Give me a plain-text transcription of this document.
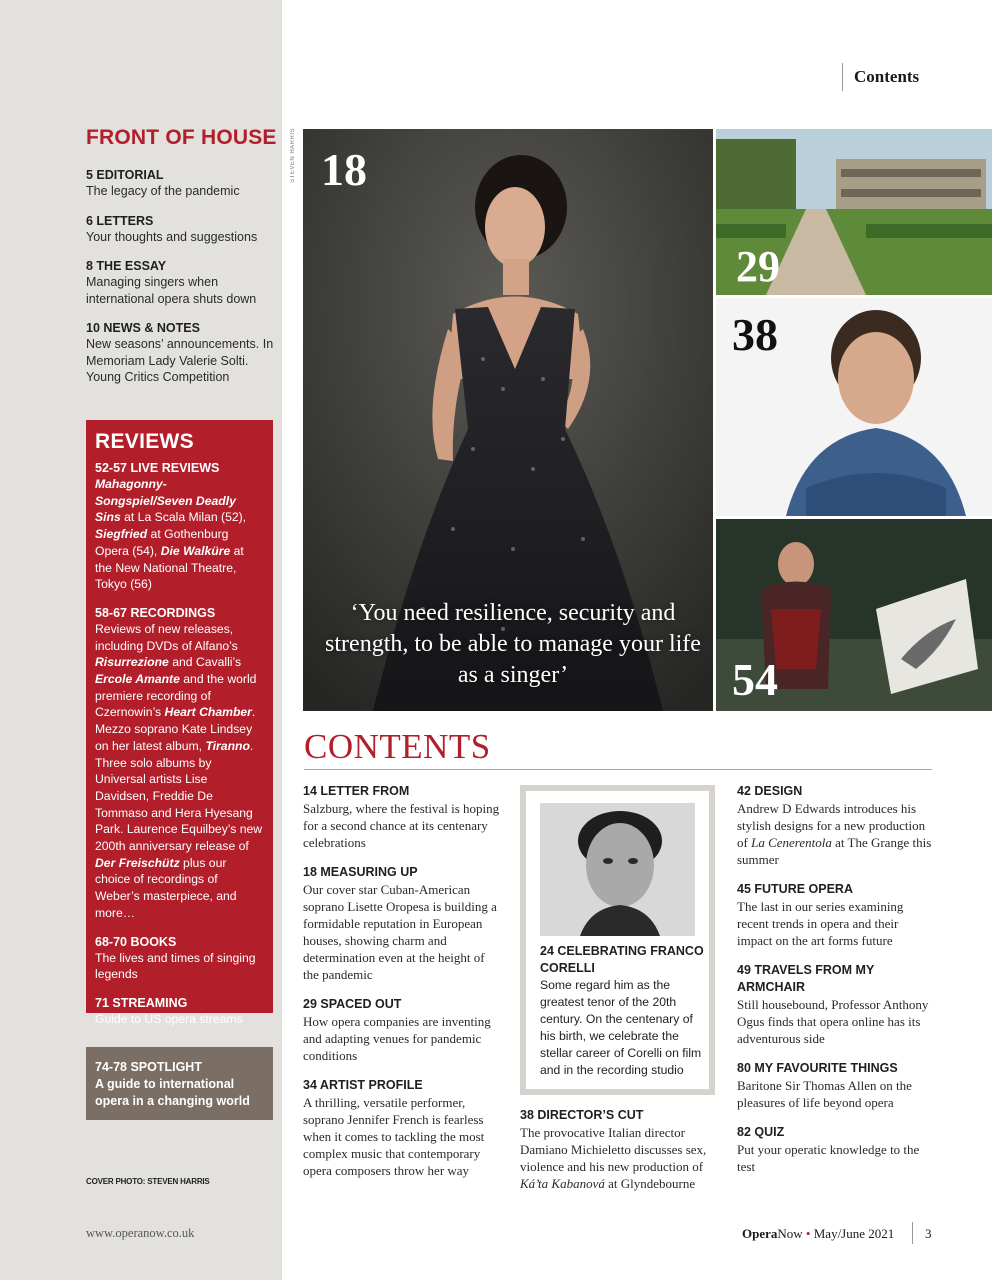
FRONT OF HOUSE
5 EDITORIAL
The legacy of the pandemic
6 LETTERS
Your thoughts and suggestions
8 THE ESSAY
Managing singers when international opera shuts down
10 NEWS & NOTES
New seasons’ announcements. In Memoriam Lady Valerie Solti. Young Critics Competition
REVIEWS
52-57 LIVE REVIEWS
Mahagonny-Songspiel/Seven Deadly Sins at La Scala Milan (52), Siegfried at Gothenburg Opera (54), Die Walküre at the New National Theatre, Tokyo (56)
58-67 RECORDINGS
Reviews of new releases, including DVDs of Alfano’s Risurrezione and Cavalli’s Ercole Amante and the world premiere recording of Czernowin’s Heart Chamber. Mezzo soprano Kate Lindsey on her latest album, Tiranno. Three solo albums by Universal artists Lise Davidsen, Freddie De Tommaso and Hera Hyesang Park. Laurence Equilbey’s new 200th anniversary release of Der Freischütz plus our choice of recordings of Weber’s masterpiece, and more…
68-70 BOOKS
The lives and times of singing legends
71 STREAMING
Guide to US opera streams
74-78 SPOTLIGHT
A guide to international opera in a changing world
COVER PHOTO: STEVEN HARRIS
www.operanow.co.uk
Contents
STEVEN HARRIS 18
‘You need resilience, security and strength, to be able to manage your life as a singer’
29
38
54
CONTENTS
14 LETTER FROM
Salzburg, where the festival is hoping for a second chance at its centenary celebrations
18 MEASURING UP
Our cover star Cuban-American soprano Lisette Oropesa is building a formidable reputation in European houses, showing charm and determination even at the height of the pandemic
29 SPACED OUT
How opera companies are inventing and adapting venues for pandemic conditions
34 ARTIST PROFILE
A thrilling, versatile performer, soprano Jennifer French is fearless when it comes to tackling the most complex music that contemporary opera composers throw her way
24 CELEBRATING FRANCO CORELLI
Some regard him as the greatest tenor of the 20th century. On the centenary of his birth, we celebrate the stellar career of Corelli on film and in the recording studio
38 DIRECTOR’S CUT
The provocative Italian director Damiano Michieletto discusses sex, violence and his new production of Ká’ta Kabanová at Glyndebourne
42 DESIGN
Andrew D Edwards introduces his stylish designs for a new production of La Cenerentola at The Grange this summer
45 FUTURE OPERA
The last in our series examining recent trends in opera and their impact on the art forms future
49 TRAVELS FROM MY ARMCHAIR
Still housebound, Professor Anthony Ogus finds that opera online has its adventurous side
80 MY FAVOURITE THINGS
Baritone Sir Thomas Allen on the pleasures of life beyond opera
82 QUIZ
Put your operatic knowledge to the test
OperaNow • May/June 2021 3
